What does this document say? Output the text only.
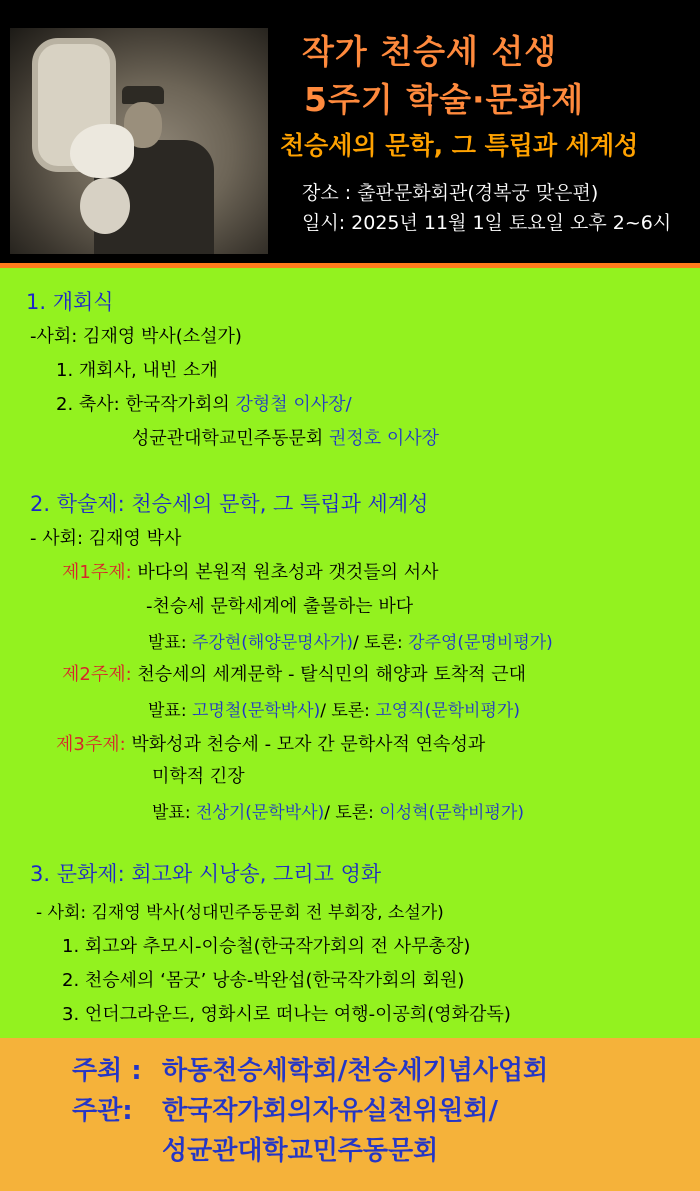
작가 천승세 선생
5주기 학술·문화제
천승세의 문학, 그 특립과 세계성
장소 : 출판문화회관(경복궁 맞은편)
일시: 2025년 11월 1일 토요일 오후 2~6시
1. 개회식
-사회: 김재영 박사(소설가)
1. 개회사, 내빈 소개
2. 축사: 한국작가회의 강형철 이사장/
성균관대학교민주동문회 권정호 이사장
2. 학술제: 천승세의 문학, 그 특립과 세계성
- 사회: 김재영 박사
제1주제: 바다의 본원적 원초성과 갯것들의 서사
-천승세 문학세계에 출몰하는 바다
발표: 주강현(해양문명사가)/ 토론: 강주영(문명비평가)
제2주제: 천승세의 세계문학 - 탈식민의 해양과 토착적 근대
발표: 고명철(문학박사)/ 토론: 고영직(문학비평가)
제3주제: 박화성과 천승세 - 모자 간 문학사적 연속성과
미학적 긴장
발표: 전상기(문학박사)/ 토론: 이성혁(문학비평가)
3. 문화제: 회고와 시낭송, 그리고 영화
- 사회: 김재영 박사(성대민주동문회 전 부회장, 소설가)
1. 회고와 추모시-이승철(한국작가회의 전 사무총장)
2. 천승세의 ‘몸굿’ 낭송-박완섭(한국작가회의 회원)
3. 언더그라운드, 영화시로 떠나는 여행-이공희(영화감독)
주최 : 하동천승세학회/천승세기념사업회
주관: 한국작가회의자유실천위원회/
성균관대학교민주동문회
